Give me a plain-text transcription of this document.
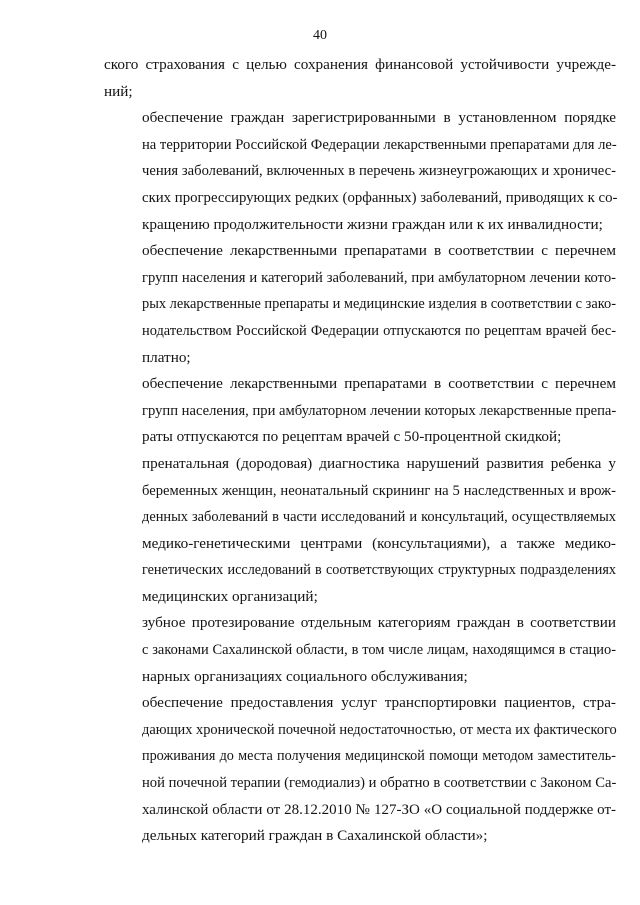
40

ского страхования с целью сохранения финансовой устойчивости учрежде-
ний;

обеспечение граждан зарегистрированными в установленном порядке
на территории Российской Федерации лекарственными препаратами для ле-
чения заболеваний, включенных в перечень жизнеугрожающих и хроничес-
ских прогрессирующих редких (орфанных) заболеваний, приводящих к со-
кращению продолжительности жизни граждан или к их инвалидности;

обеспечение лекарственными препаратами в соответствии с перечнем
групп населения и категорий заболеваний, при амбулаторном лечении кото-
рых лекарственные препараты и медицинские изделия в соответствии с зако-
нодательством Российской Федерации отпускаются по рецептам врачей бес-
платно;

обеспечение лекарственными препаратами в соответствии с перечнем
групп населения, при амбулаторном лечении которых лекарственные препа-
раты отпускаются по рецептам врачей с 50-процентной скидкой;

пренатальная (дородовая) диагностика нарушений развития ребенка у
беременных женщин, неонатальный скрининг на 5 наследственных и врож-
денных заболеваний в части исследований и консультаций, осуществляемых
медико-генетическими центрами (консультациями), а также медико-
генетических исследований в соответствующих структурных подразделениях
медицинских организаций;

зубное протезирование отдельным категориям граждан в соответствии
с законами Сахалинской области, в том числе лицам, находящимся в стацио-
нарных организациях социального обслуживания;

обеспечение предоставления услуг транспортировки пациентов, стра-
дающих хронической почечной недостаточностью, от места их фактического
проживания до места получения медицинской помощи методом заместитель-
ной почечной терапии (гемодиализ) и обратно в соответствии с Законом Са-
халинской области от 28.12.2010 № 127-ЗО «О социальной поддержке от-
дельных категорий граждан в Сахалинской области»;
